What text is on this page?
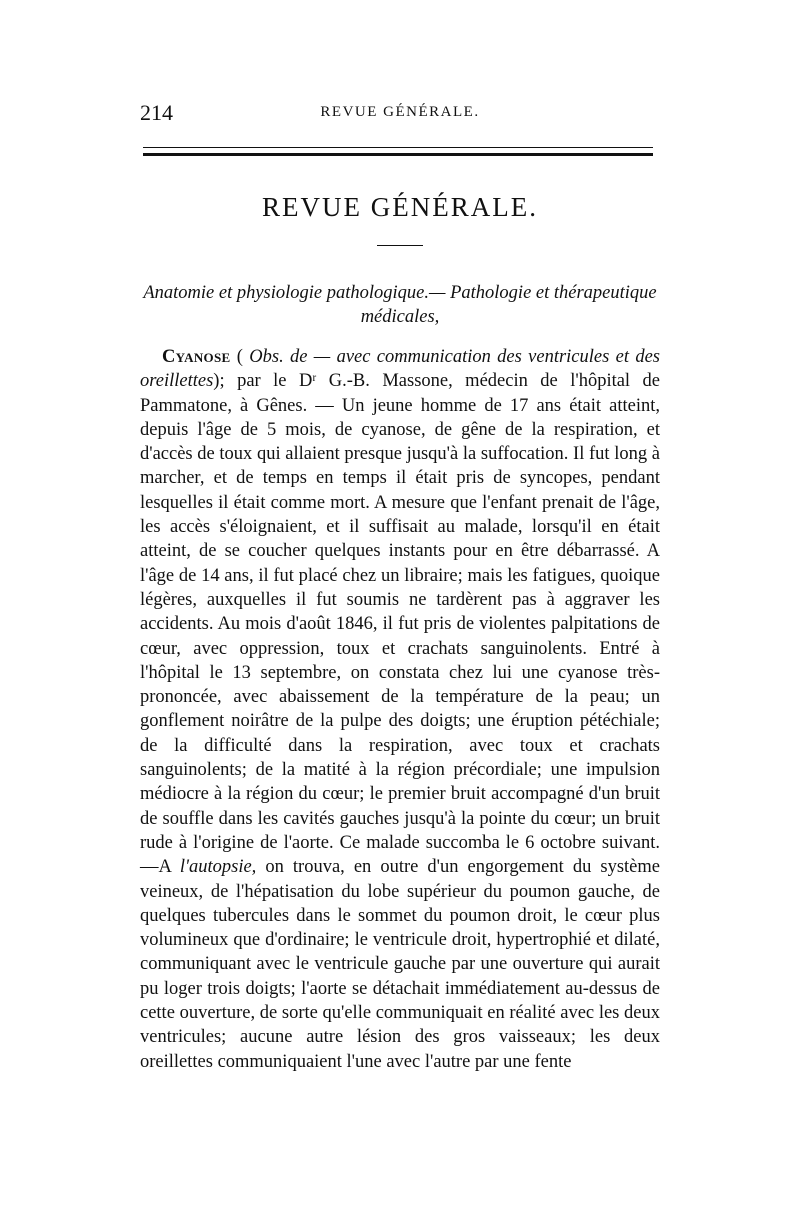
214	REVUE GÉNÉRALE.
REVUE GÉNÉRALE.
Anatomie et physiologie pathologique.— Pathologie et thérapeutique médicales,

Cyanose ( Obs. de — avec communication des ventricules et des oreillettes); par le Dʳ G.-B. Massone, médecin de l'hôpital de Pammatone, à Gênes. — Un jeune homme de 17 ans était atteint, depuis l'âge de 5 mois, de cyanose, de gêne de la respiration, et d'accès de toux qui allaient presque jusqu'à la suffocation. Il fut long à marcher, et de temps en temps il était pris de syncopes, pendant lesquelles il était comme mort. A mesure que l'enfant prenait de l'âge, les accès s'éloignaient, et il suffisait au malade, lorsqu'il en était atteint, de se coucher quelques instants pour en être débarrassé. A l'âge de 14 ans, il fut placé chez un libraire; mais les fatigues, quoique légères, auxquelles il fut soumis ne tardèrent pas à aggraver les accidents. Au mois d'août 1846, il fut pris de violentes palpitations de cœur, avec oppression, toux et crachats sanguinolents. Entré à l'hôpital le 13 septembre, on constata chez lui une cyanose très-prononcée, avec abaissement de la température de la peau; un gonflement noirâtre de la pulpe des doigts; une éruption pétéchiale; de la difficulté dans la respiration, avec toux et crachats sanguinolents; de la matité à la région précordiale; une impulsion médiocre à la région du cœur; le premier bruit accompagné d'un bruit de souffle dans les cavités gauches jusqu'à la pointe du cœur; un bruit rude à l'origine de l'aorte. Ce malade succomba le 6 octobre suivant.—A l'autopsie, on trouva, en outre d'un engorgement du système veineux, de l'hépatisation du lobe supérieur du poumon gauche, de quelques tubercules dans le sommet du poumon droit, le cœur plus volumineux que d'ordinaire; le ventricule droit, hypertrophié et dilaté, communiquant avec le ventricule gauche par une ouverture qui aurait pu loger trois doigts; l'aorte se détachait immédiatement au-dessus de cette ouverture, de sorte qu'elle communiquait en réalité avec les deux ventricules; aucune autre lésion des gros vaisseaux; les deux oreillettes communiquaient l'une avec l'autre par une fente
